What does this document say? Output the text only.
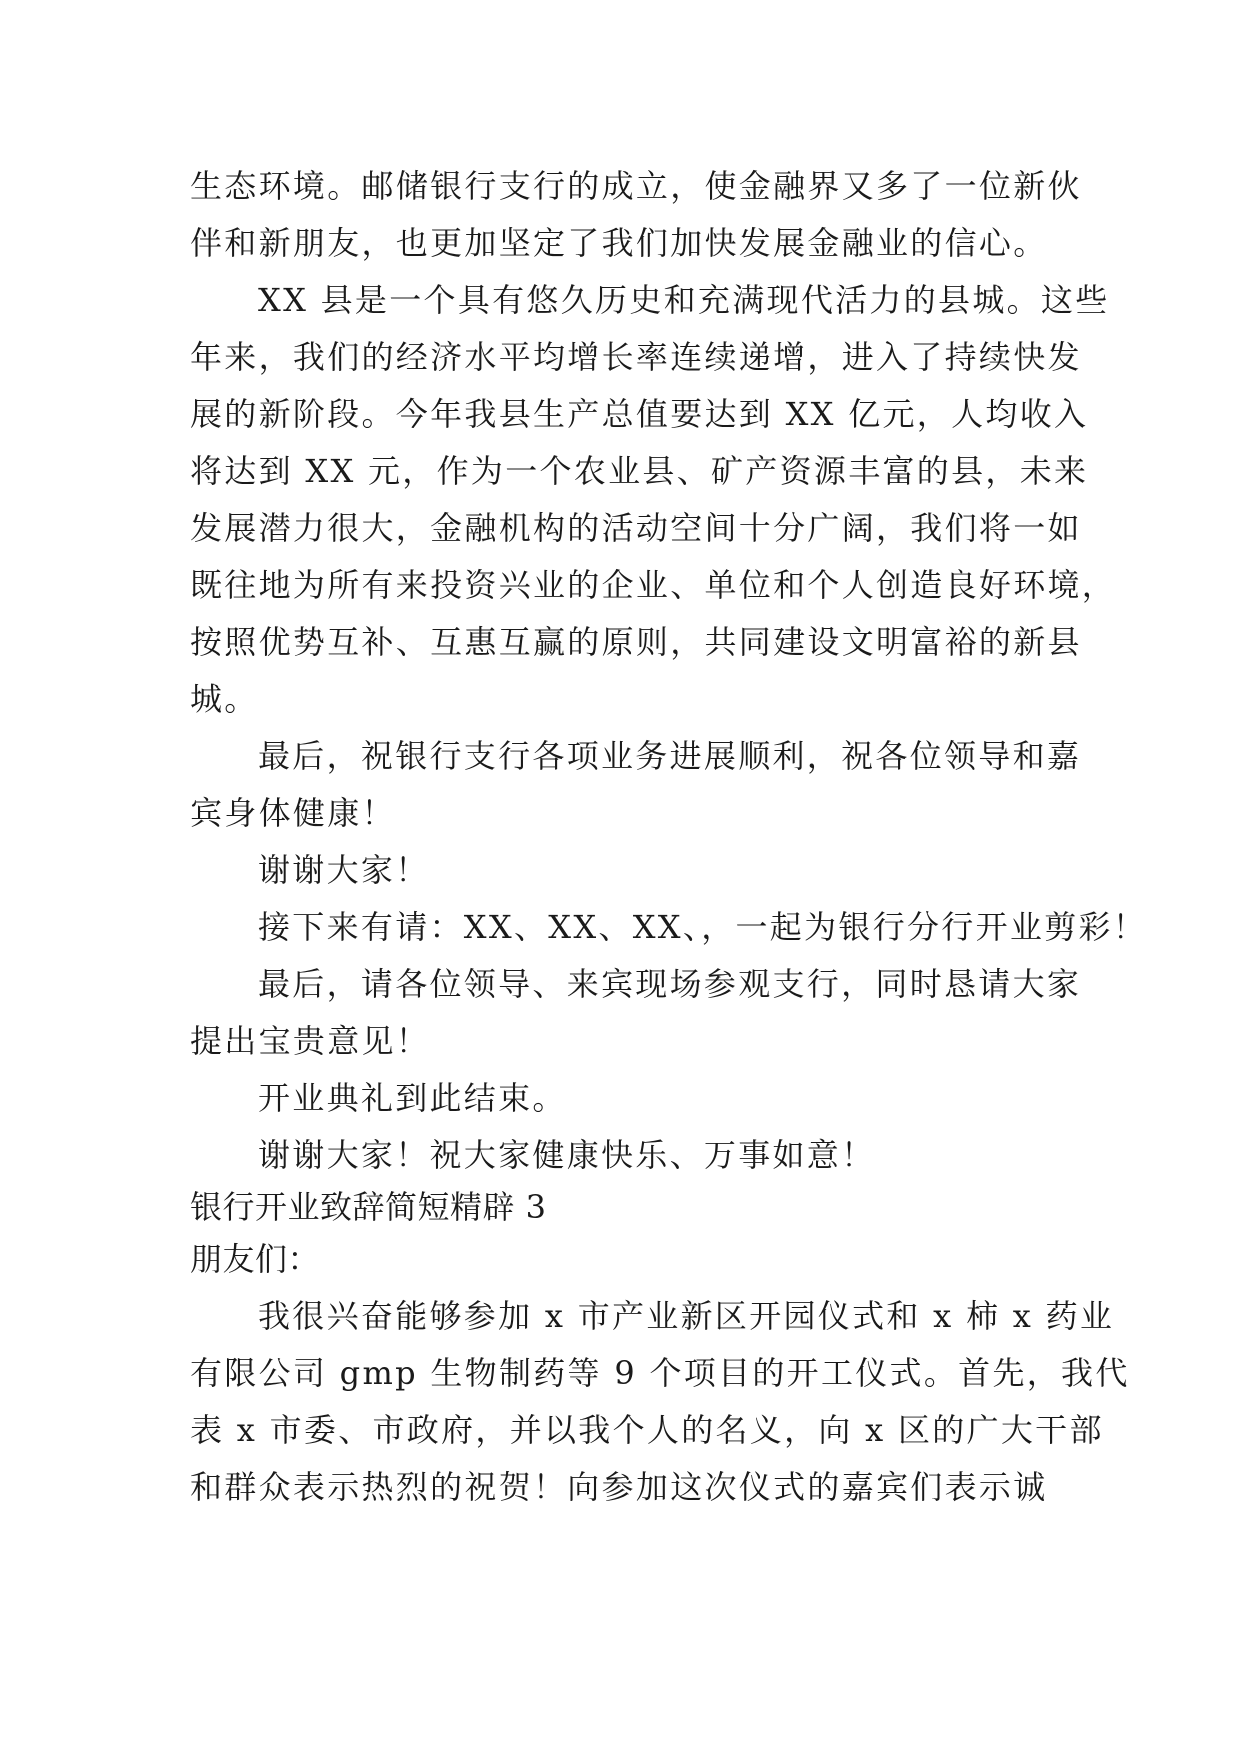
生态环境。邮储银行支行的成立，使金融界又多了一位新伙
伴和新朋友，也更加坚定了我们加快发展金融业的信心。
XX 县是一个具有悠久历史和充满现代活力的县城。这些
年来，我们的经济水平均增长率连续递增，进入了持续快发
展的新阶段。今年我县生产总值要达到 XX 亿元，人均收入
将达到 XX 元，作为一个农业县、矿产资源丰富的县，未来
发展潜力很大，金融机构的活动空间十分广阔，我们将一如
既往地为所有来投资兴业的企业、单位和个人创造良好环境，
按照优势互补、互惠互赢的原则，共同建设文明富裕的新县
城。
最后，祝银行支行各项业务进展顺利，祝各位领导和嘉
宾身体健康！
谢谢大家！
接下来有请：XX、XX、XX、，一起为银行分行开业剪彩！
最后，请各位领导、来宾现场参观支行，同时恳请大家
提出宝贵意见！
开业典礼到此结束。
谢谢大家！祝大家健康快乐、万事如意！
银行开业致辞简短精辟 3
朋友们：
我很兴奋能够参加 x 市产业新区开园仪式和 x 柿 x 药业
有限公司 gmp 生物制药等 9 个项目的开工仪式。首先，我代
表 x 市委、市政府，并以我个人的名义，向 x 区的广大干部
和群众表示热烈的祝贺！向参加这次仪式的嘉宾们表示诚
